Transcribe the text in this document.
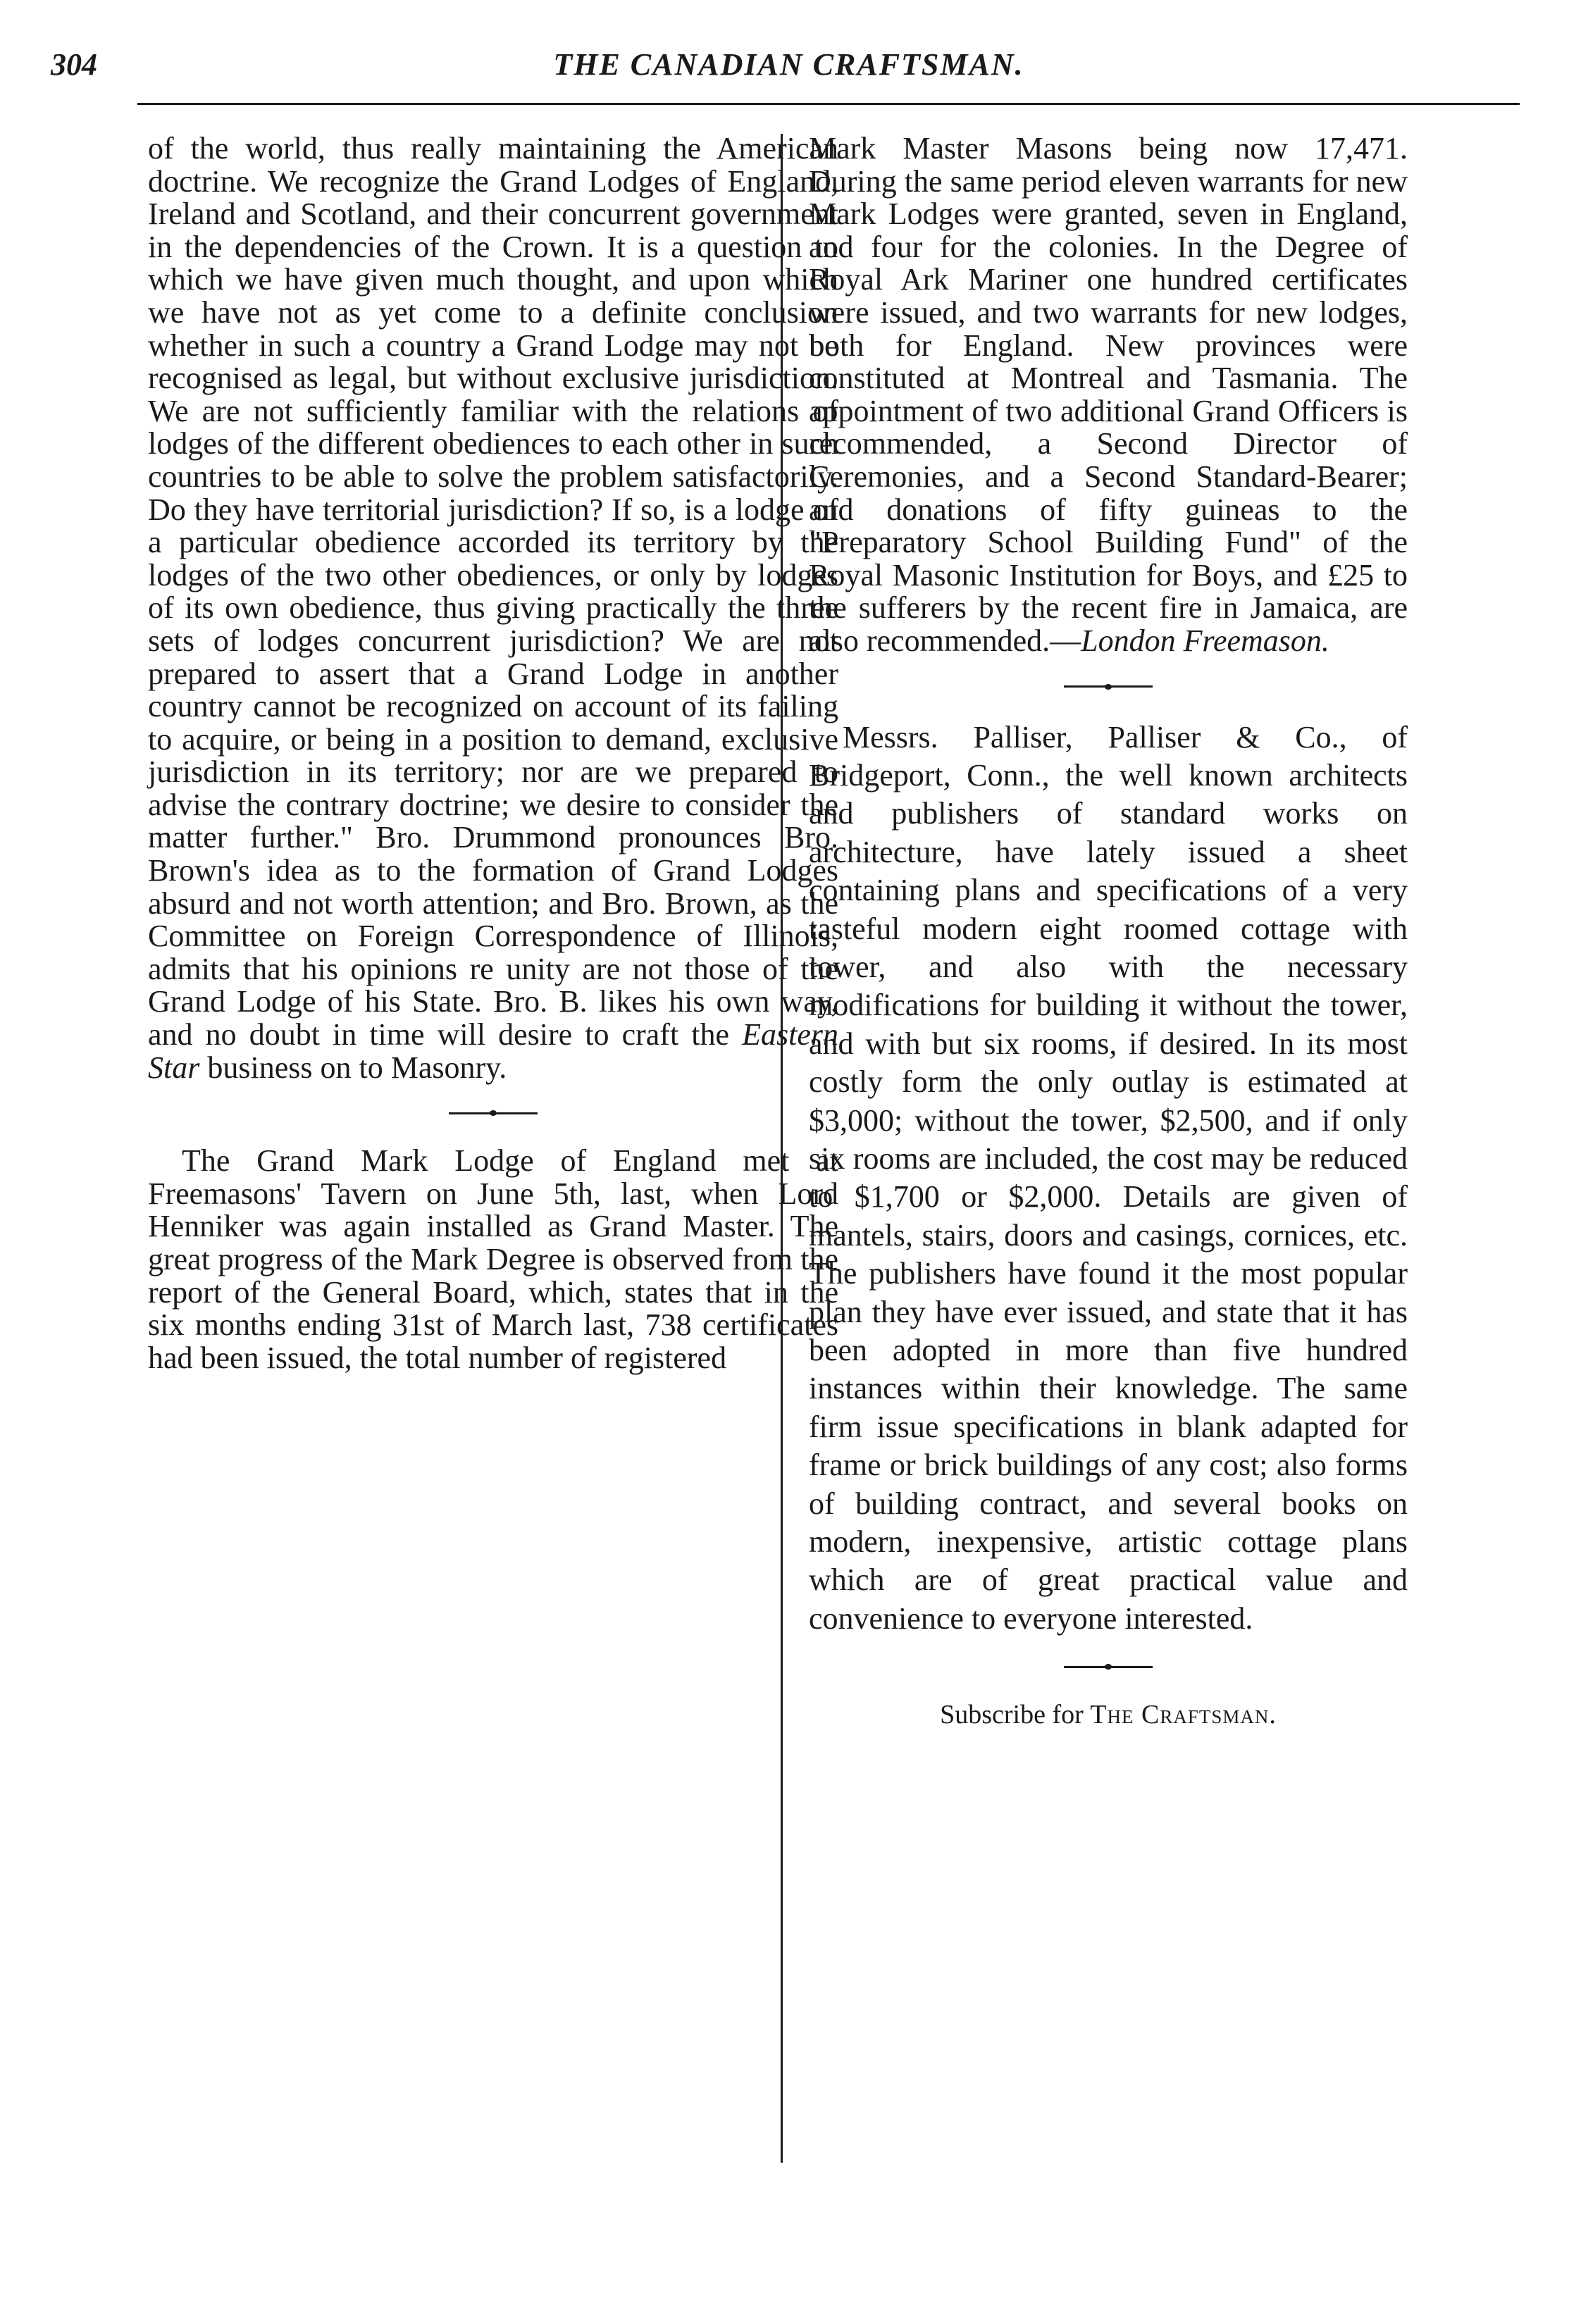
304	THE CANADIAN CRAFTSMAN.

of the world, thus really maintaining the American doctrine. We recognize the Grand Lodges of England, Ireland and Scotland, and their concurrent government in the dependencies of the Crown. It is a question to which we have given much thought, and upon which we have not as yet come to a definite conclusion whether in such a country a Grand Lodge may not be recognised as legal, but without exclusive jurisdiction. We are not sufficiently familiar with the relations of lodges of the different obediences to each other in such countries to be able to solve the problem satisfactorily. Do they have territorial jurisdiction? If so, is a lodge of a particular obedience accorded its territory by the lodges of the two other obediences, or only by lodges of its own obedience, thus giving practically the three sets of lodges concurrent jurisdiction? We are not prepared to assert that a Grand Lodge in another country cannot be recognized on account of its failing to acquire, or being in a position to demand, exclusive jurisdiction in its territory; nor are we prepared to advise the contrary doctrine; we desire to consider the matter further." Bro. Drummond pronounces Bro. Brown's idea as to the formation of Grand Lodges absurd and not worth attention; and Bro. Brown, as the Committee on Foreign Correspondence of Illinois, admits that his opinions re unity are not those of the Grand Lodge of his State. Bro. B. likes his own way, and no doubt in time will desire to craft the Eastern Star business on to Masonry.

The Grand Mark Lodge of England met at Freemasons' Tavern on June 5th, last, when Lord Henniker was again installed as Grand Master. The great progress of the Mark Degree is observed from the report of the General Board, which, states that in the six months ending 31st of March last, 738 certificates had been issued, the total number of registered

Mark Master Masons being now 17,471. During the same period eleven warrants for new Mark Lodges were granted, seven in England, and four for the colonies. In the Degree of Royal Ark Mariner one hundred certificates were issued, and two warrants for new lodges, both for England. New provinces were constituted at Montreal and Tasmania. The appointment of two additional Grand Officers is recommended, a Second Director of Ceremonies, and a Second Standard-Bearer; and donations of fifty guineas to the "Preparatory School Building Fund" of the Royal Masonic Institution for Boys, and £25 to the sufferers by the recent fire in Jamaica, are also recommended.—London Freemason.

Messrs. Palliser, Palliser & Co., of Bridgeport, Conn., the well known architects and publishers of standard works on architecture, have lately issued a sheet containing plans and specifications of a very tasteful modern eight roomed cottage with tower, and also with the necessary modifications for building it without the tower, and with but six rooms, if desired. In its most costly form the only outlay is estimated at $3,000; without the tower, $2,500, and if only six rooms are included, the cost may be reduced to $1,700 or $2,000. Details are given of mantels, stairs, doors and casings, cornices, etc. The publishers have found it the most popular plan they have ever issued, and state that it has been adopted in more than five hundred instances within their knowledge. The same firm issue specifications in blank adapted for frame or brick buildings of any cost; also forms of building contract, and several books on modern, inexpensive, artistic cottage plans which are of great practical value and convenience to everyone interested.

Subscribe for The Craftsman.
